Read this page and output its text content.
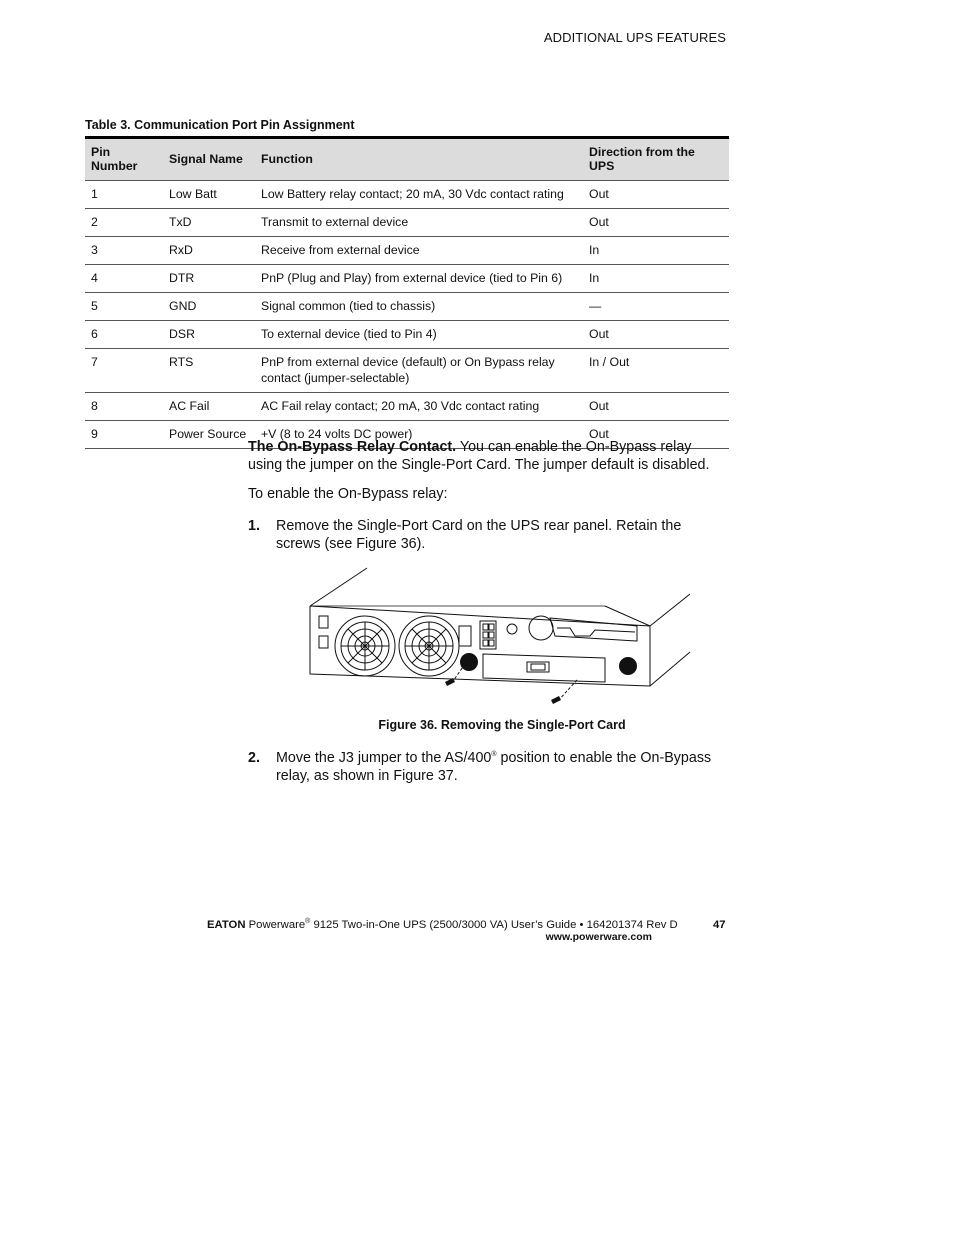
ADDITIONAL UPS FEATURES
Table 3. Communication Port Pin Assignment
Pin Number	Signal Name	Function	Direction from the UPS
1	Low Batt	Low Battery relay contact; 20 mA, 30 Vdc contact rating	Out
2	TxD	Transmit to external device	Out
3	RxD	Receive from external device	In
4	DTR	PnP (Plug and Play) from external device (tied to Pin 6)	In
5	GND	Signal common (tied to chassis)	—
6	DSR	To external device (tied to Pin 4)	Out
7	RTS	PnP from external device (default) or On Bypass relay contact (jumper-selectable)	In / Out
8	AC Fail	AC Fail relay contact; 20 mA, 30 Vdc contact rating	Out
9	Power Source	+V (8 to 24 volts DC power)	Out
The On-Bypass Relay Contact. You can enable the On-Bypass relay using the jumper on the Single-Port Card. The jumper default is disabled.
To enable the On-Bypass relay:
1. Remove the Single-Port Card on the UPS rear panel. Retain the screws (see Figure 36).
Figure 36. Removing the Single-Port Card
2. Move the J3 jumper to the AS/400® position to enable the On-Bypass relay, as shown in Figure 37.
EATON Powerware® 9125 Two-in-One UPS (2500/3000 VA) User’s Guide • 164201374 Rev D
www.powerware.com
47
